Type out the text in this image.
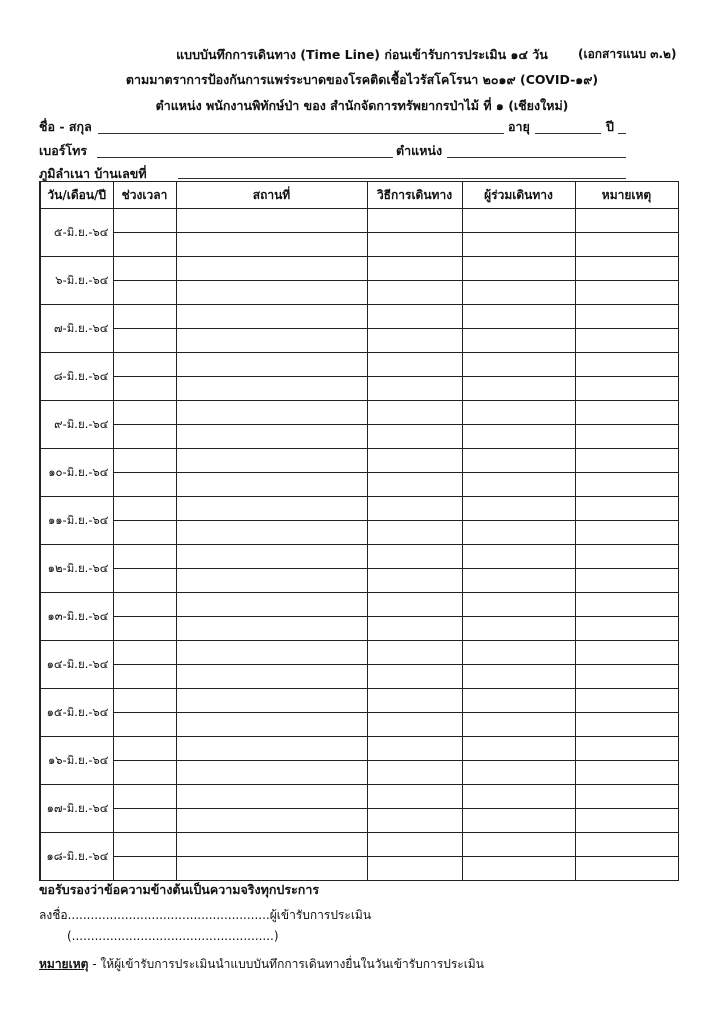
แบบบันทึกการเดินทาง (Time Line) ก่อนเข้ารับการประเมิน ๑๔ วัน	(เอกสารแนบ ๓.๒)
ตามมาตราการป้องกันการแพร่ระบาดของโรคติดเชื้อไวรัสโคโรนา ๒๐๑๙ (COVID-๑๙)
ตำแหน่ง พนักงานพิทักษ์ป่า ของ สำนักจัดการทรัพยากรป่าไม้ ที่ ๑ (เชียงใหม่)
ชื่อ - สกุล	อายุ	ปี
เบอร์โทร	ตำแหน่ง
ภูมิลำเนา บ้านเลขที่
วัน/เดือน/ปี	ช่วงเวลา	สถานที่	วิธีการเดินทาง	ผู้ร่วมเดินทาง	หมายเหตุ
๕-มิ.ย.-๖๔					

๖-มิ.ย.-๖๔					

๗-มิ.ย.-๖๔					

๘-มิ.ย.-๖๔					

๙-มิ.ย.-๖๔					

๑๐-มิ.ย.-๖๔					

๑๑-มิ.ย.-๖๔					

๑๒-มิ.ย.-๖๔					

๑๓-มิ.ย.-๖๔					

๑๔-มิ.ย.-๖๔					

๑๕-มิ.ย.-๖๔					

๑๖-มิ.ย.-๖๔					

๑๗-มิ.ย.-๖๔					

๑๘-มิ.ย.-๖๔					

ขอรับรองว่าข้อความข้างต้นเป็นความจริงทุกประการ
ลงชื่อ.....................................................ผู้เข้ารับการประเมิน
(.....................................................)
หมายเหตุ - ให้ผู้เข้ารับการประเมินนำแบบบันทึกการเดินทางยื่นในวันเข้ารับการประเมิน
